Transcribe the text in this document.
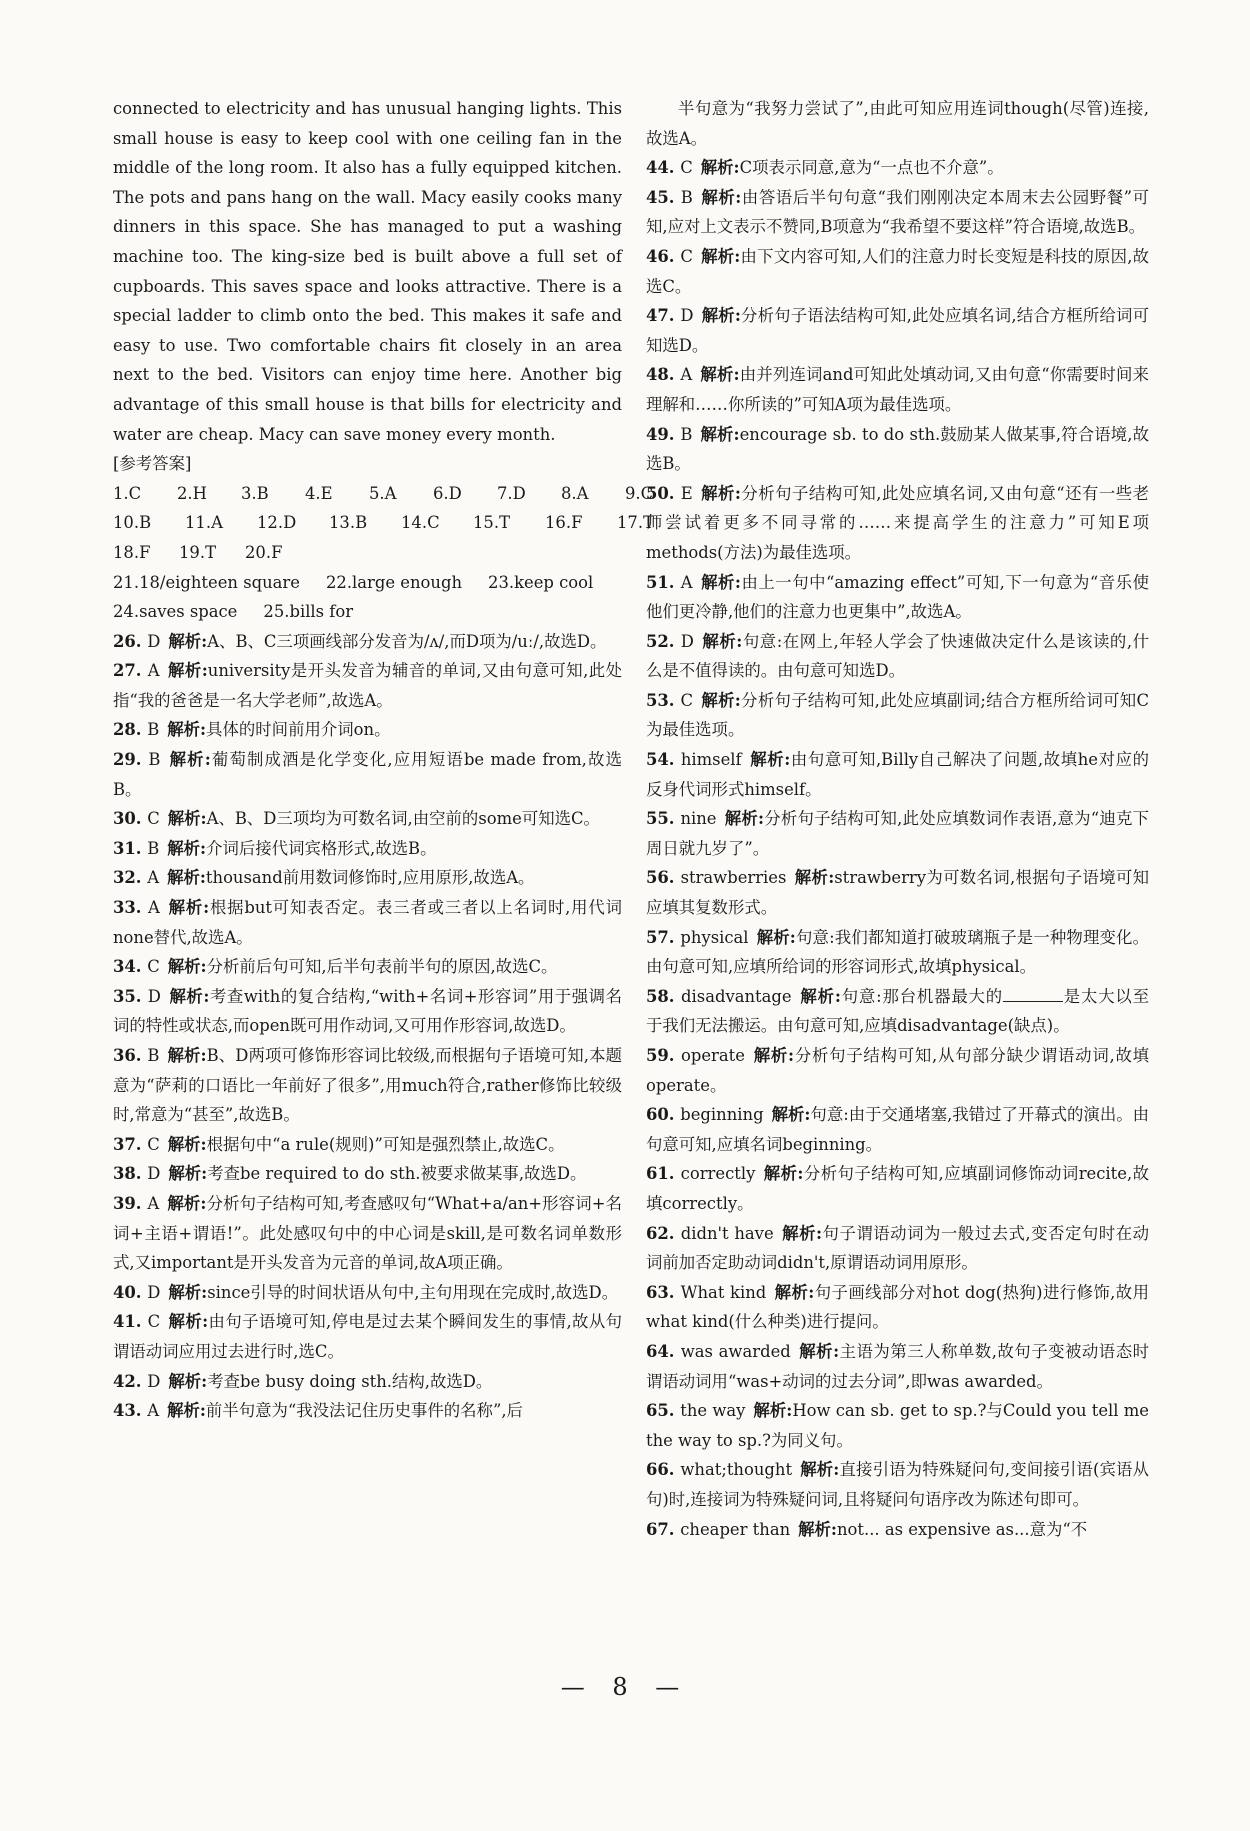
connected to electricity and has unusual hanging lights. This small house is easy to keep cool with one ceiling fan in the middle of the long room. It also has a fully equipped kitchen. The pots and pans hang on the wall. Macy easily cooks many dinners in this space. She has managed to put a washing machine too. The king-size bed is built above a full set of cupboards. This saves space and looks attractive. There is a special ladder to climb onto the bed. This makes it safe and easy to use. Two comfortable chairs fit closely in an area next to the bed. Visitors can enjoy time here. Another big advantage of this small house is that bills for electricity and water are cheap. Macy can save money every month.

[参考答案]

1.C 2.H 3.B 4.E 5.A 6.D 7.D 8.A 9.C

10.B 11.A 12.D 13.B 14.C 15.T 16.F 17.T

18.F 19.T 20.F

21.18/eighteen square 22.large enough 23.keep cool

24.saves space 25.bills for

26. D 解析:A、B、C三项画线部分发音为/ʌ/,而D项为/uː/,故选D。

27. A 解析:university是开头发音为辅音的单词,又由句意可知,此处指“我的爸爸是一名大学老师”,故选A。

28. B 解析:具体的时间前用介词on。

29. B 解析:葡萄制成酒是化学变化,应用短语be made from,故选B。

30. C 解析:A、B、D三项均为可数名词,由空前的some可知选C。

31. B 解析:介词后接代词宾格形式,故选B。

32. A 解析:thousand前用数词修饰时,应用原形,故选A。

33. A 解析:根据but可知表否定。表三者或三者以上名词时,用代词none替代,故选A。

34. C 解析:分析前后句可知,后半句表前半句的原因,故选C。

35. D 解析:考查with的复合结构,“with+名词+形容词”用于强调名词的特性或状态,而open既可用作动词,又可用作形容词,故选D。

36. B 解析:B、D两项可修饰形容词比较级,而根据句子语境可知,本题意为“萨莉的口语比一年前好了很多”,用much符合,rather修饰比较级时,常意为“甚至”,故选B。

37. C 解析:根据句中“a rule(规则)”可知是强烈禁止,故选C。

38. D 解析:考查be required to do sth.被要求做某事,故选D。

39. A 解析:分析句子结构可知,考查感叹句“What+a/an+形容词+名词+主语+谓语!”。此处感叹句中的中心词是skill,是可数名词单数形式,又important是开头发音为元音的单词,故A项正确。

40. D 解析:since引导的时间状语从句中,主句用现在完成时,故选D。

41. C 解析:由句子语境可知,停电是过去某个瞬间发生的事情,故从句谓语动词应用过去进行时,选C。

42. D 解析:考查be busy doing sth.结构,故选D。

43. A 解析:前半句意为“我没法记住历史事件的名称”,后

半句意为“我努力尝试了”,由此可知应用连词though(尽管)连接,故选A。

44. C 解析:C项表示同意,意为“一点也不介意”。

45. B 解析:由答语后半句句意“我们刚刚决定本周末去公园野餐”可知,应对上文表示不赞同,B项意为“我希望不要这样”符合语境,故选B。

46. C 解析:由下文内容可知,人们的注意力时长变短是科技的原因,故选C。

47. D 解析:分析句子语法结构可知,此处应填名词,结合方框所给词可知选D。

48. A 解析:由并列连词and可知此处填动词,又由句意“你需要时间来理解和……你所读的”可知A项为最佳选项。

49. B 解析:encourage sb. to do sth.鼓励某人做某事,符合语境,故选B。

50. E 解析:分析句子结构可知,此处应填名词,又由句意“还有一些老师尝试着更多不同寻常的……来提高学生的注意力”可知E项methods(方法)为最佳选项。

51. A 解析:由上一句中“amazing effect”可知,下一句意为“音乐使他们更冷静,他们的注意力也更集中”,故选A。

52. D 解析:句意:在网上,年轻人学会了快速做决定什么是该读的,什么是不值得读的。由句意可知选D。

53. C 解析:分析句子结构可知,此处应填副词;结合方框所给词可知C为最佳选项。

54. himself 解析:由句意可知,Billy自己解决了问题,故填he对应的反身代词形式himself。

55. nine 解析:分析句子结构可知,此处应填数词作表语,意为“迪克下周日就九岁了”。

56. strawberries 解析:strawberry为可数名词,根据句子语境可知应填其复数形式。

57. physical 解析:句意:我们都知道打破玻璃瓶子是一种物理变化。由句意可知,应填所给词的形容词形式,故填physical。

58. disadvantage 解析:句意:那台机器最大的	是太大以至于我们无法搬运。由句意可知,应填disadvantage(缺点)。

59. operate 解析:分析句子结构可知,从句部分缺少谓语动词,故填operate。

60. beginning 解析:句意:由于交通堵塞,我错过了开幕式的演出。由句意可知,应填名词beginning。

61. correctly 解析:分析句子结构可知,应填副词修饰动词recite,故填correctly。

62. didn't have 解析:句子谓语动词为一般过去式,变否定句时在动词前加否定助动词didn't,原谓语动词用原形。

63. What kind 解析:句子画线部分对hot dog(热狗)进行修饰,故用what kind(什么种类)进行提问。

64. was awarded 解析:主语为第三人称单数,故句子变被动语态时谓语动词用“was+动词的过去分词”,即was awarded。

65. the way 解析:How can sb. get to sp.?与Could you tell me the way to sp.?为同义句。

66. what;thought 解析:直接引语为特殊疑问句,变间接引语(宾语从句)时,连接词为特殊疑问词,且将疑问句语序改为陈述句即可。

67. cheaper than 解析:not... as expensive as...意为“不

— 8 —
